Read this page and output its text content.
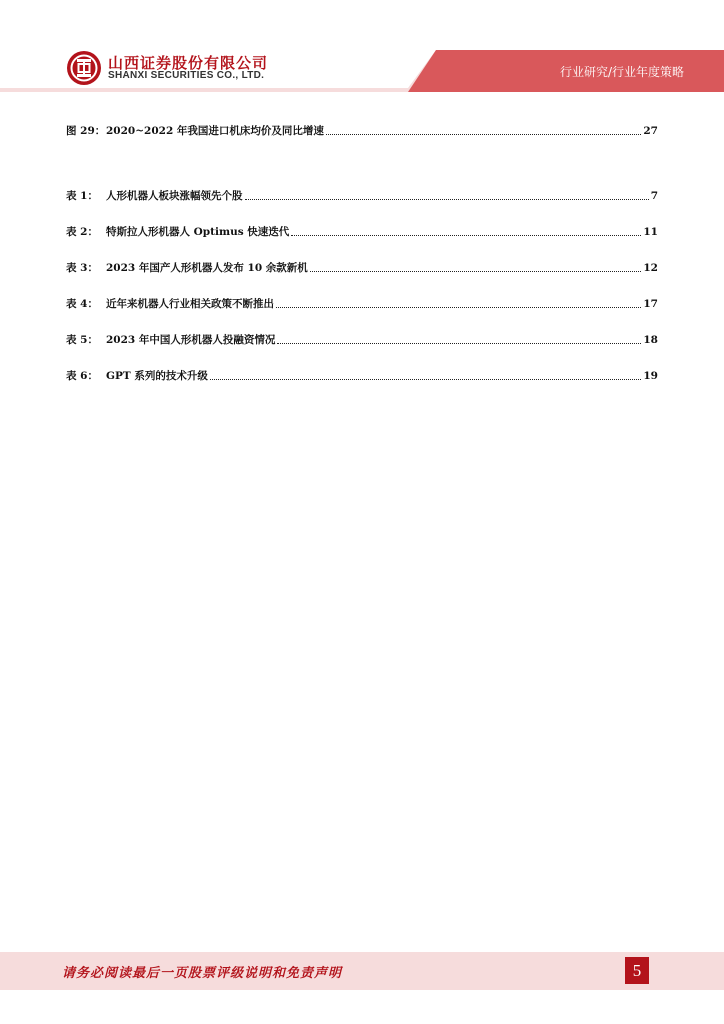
山西证券股份有限公司
SHANXI SECURITIES CO., LTD.	行业研究/行业年度策略
图 29： 2020~2022 年我国进口机床均价及同比增速	27
表 1： 人形机器人板块涨幅领先个股	7
表 2： 特斯拉人形机器人 Optimus 快速迭代	11
表 3： 2023 年国产人形机器人发布 10 余款新机	12
表 4： 近年来机器人行业相关政策不断推出	17
表 5： 2023 年中国人形机器人投融资情况	18
表 6： GPT 系列的技术升级	19
请务必阅读最后一页股票评级说明和免责声明	5
